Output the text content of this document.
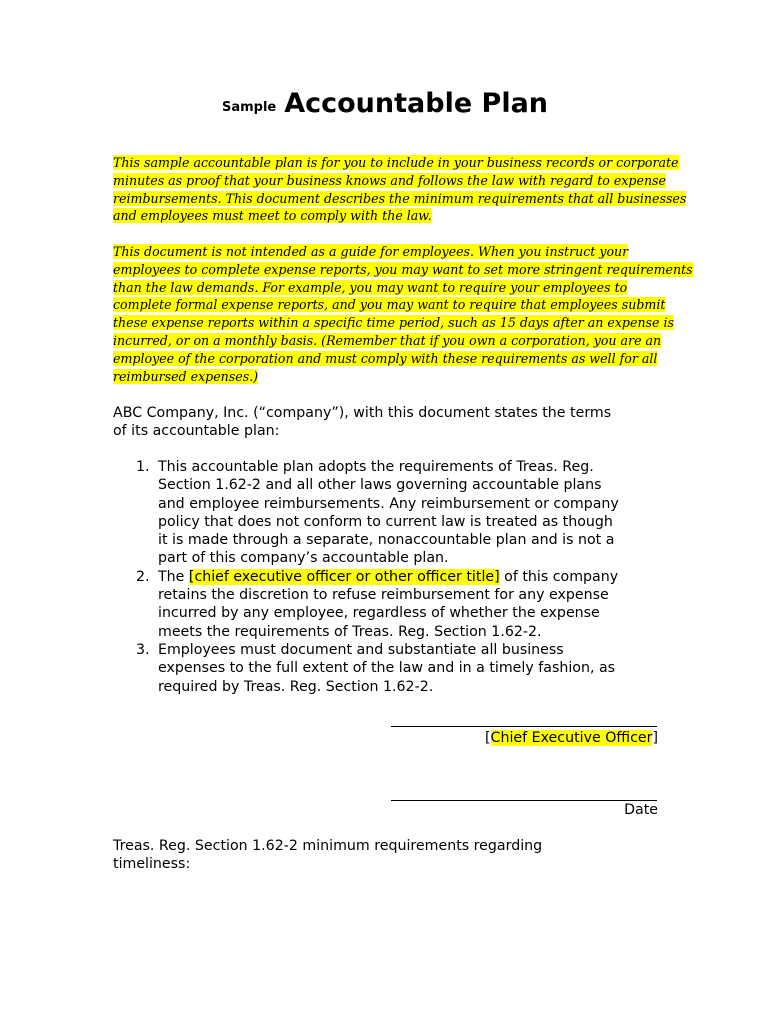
Sample Accountable Plan

This sample accountable plan is for you to include in your business records or corporate
minutes as proof that your business knows and follows the law with regard to expense
reimbursements. This document describes the minimum requirements that all businesses
and employees must meet to comply with the law.

This document is not intended as a guide for employees. When you instruct your
employees to complete expense reports, you may want to set more stringent requirements
than the law demands. For example, you may want to require your employees to
complete formal expense reports, and you may want to require that employees submit
these expense reports within a specific time period, such as 15 days after an expense is
incurred, or on a monthly basis. (Remember that if you own a corporation, you are an
employee of the corporation and must comply with these requirements as well for all
reimbursed expenses.)

ABC Company, Inc. (“company”), with this document states the terms
of its accountable plan:

1. This accountable plan adopts the requirements of Treas. Reg.
Section 1.62-2 and all other laws governing accountable plans
and employee reimbursements. Any reimbursement or company
policy that does not conform to current law is treated as though
it is made through a separate, nonaccountable plan and is not a
part of this company’s accountable plan.
2. The [chief executive officer or other officer title] of this company
retains the discretion to refuse reimbursement for any expense
incurred by any employee, regardless of whether the expense
meets the requirements of Treas. Reg. Section 1.62-2.
3. Employees must document and substantiate all business
expenses to the full extent of the law and in a timely fashion, as
required by Treas. Reg. Section 1.62-2.
[Chief Executive Officer]
Date

Treas. Reg. Section 1.62-2 minimum requirements regarding
timeliness:
